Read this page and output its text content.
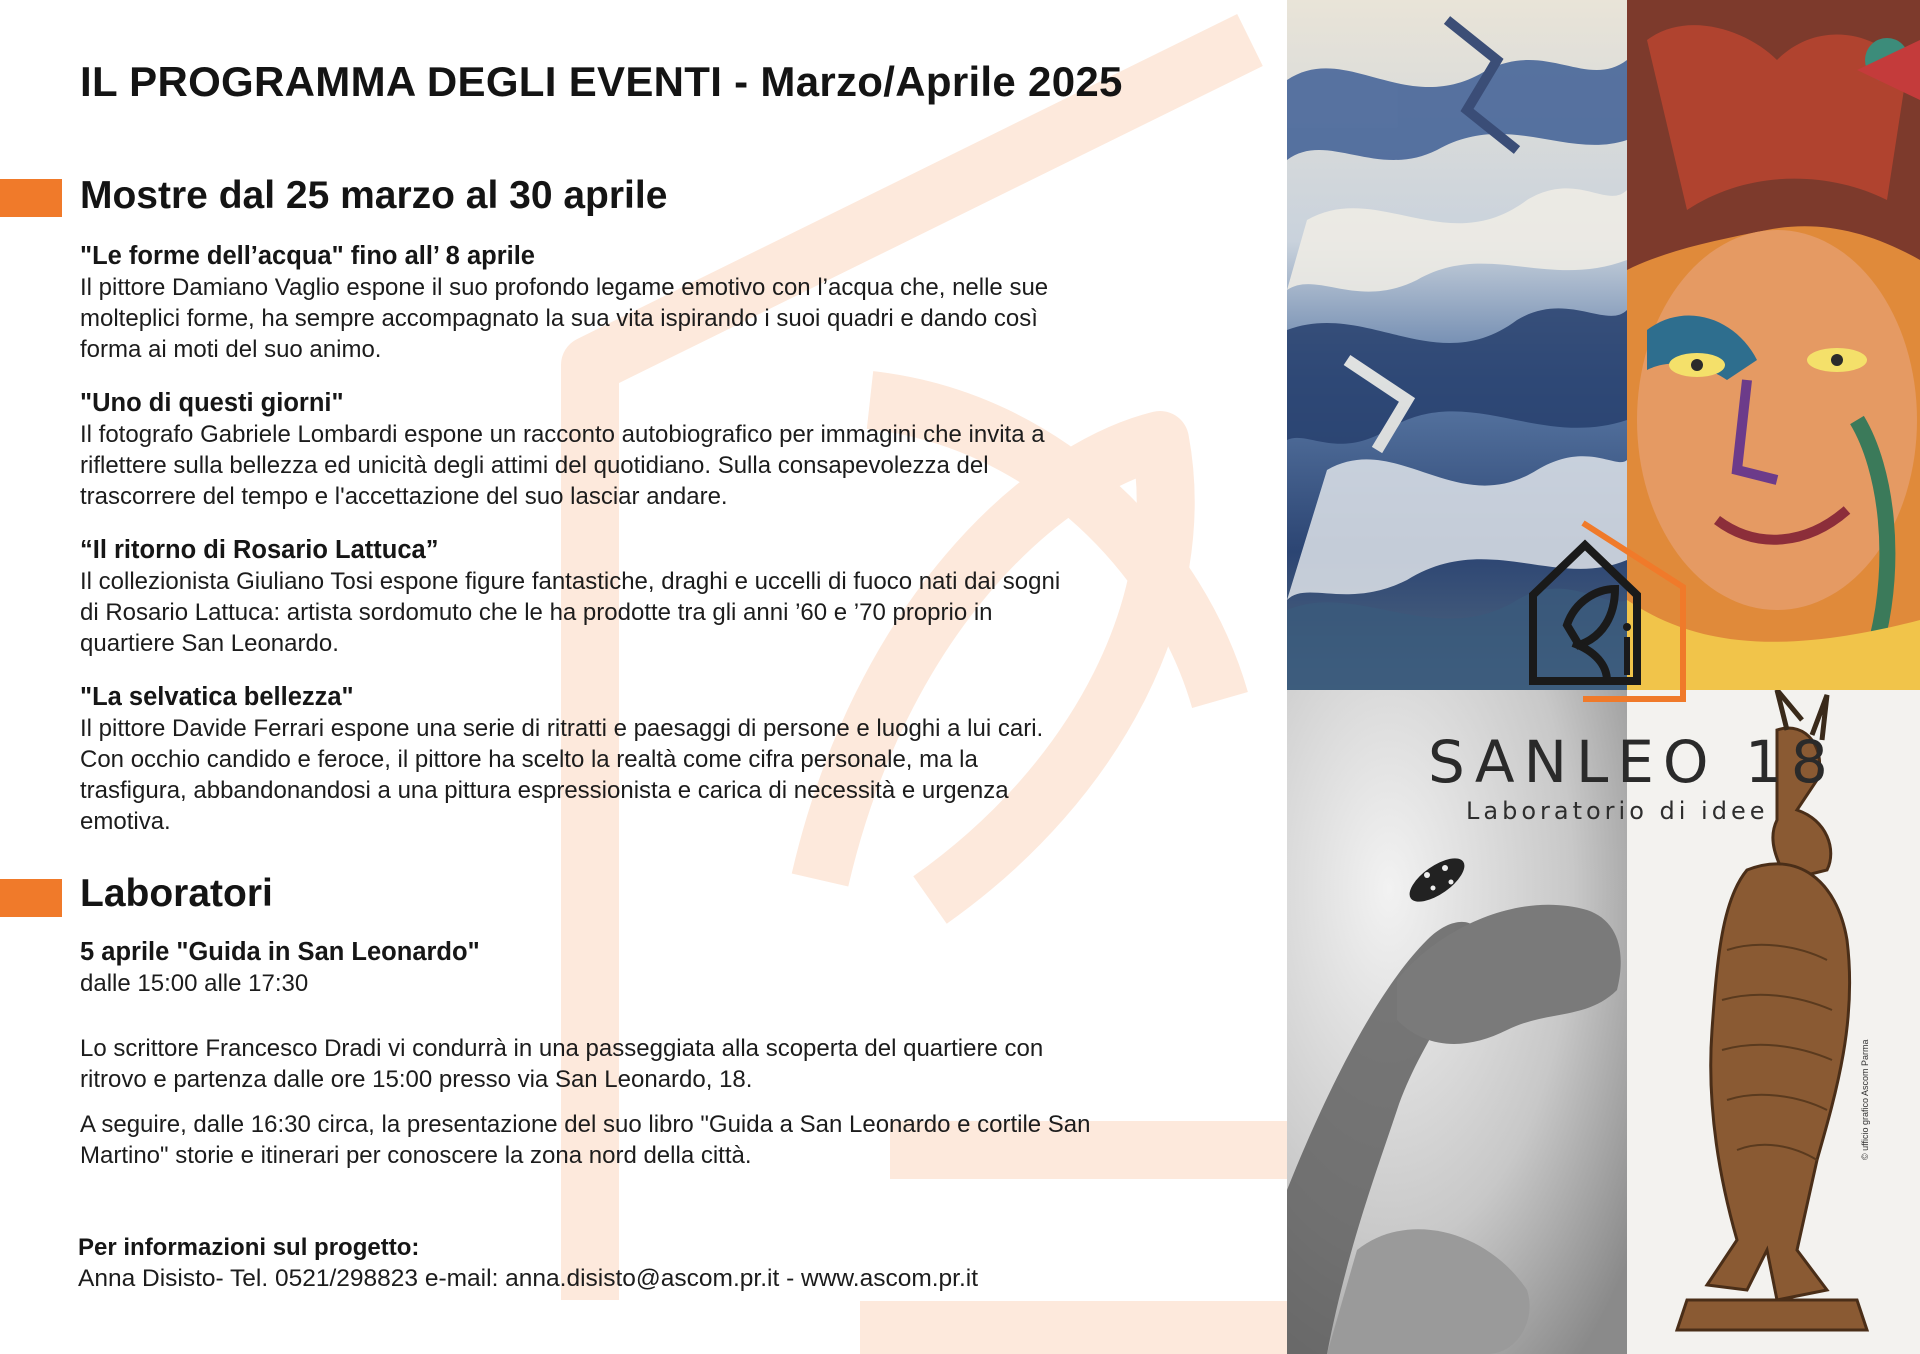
IL PROGRAMMA DEGLI EVENTI - Marzo/Aprile 2025
Mostre dal 25 marzo al 30 aprile
"Le forme dell’acqua" fino all’ 8 aprile
Il pittore Damiano Vaglio espone il suo profondo legame emotivo con l’acqua che, nelle sue
molteplici forme, ha sempre accompagnato la sua vita ispirando i suoi quadri e dando così
forma ai moti del suo animo.
"Uno di questi giorni"
Il fotografo Gabriele Lombardi espone un racconto autobiografico per immagini che invita a
riflettere sulla bellezza ed unicità degli attimi del quotidiano. Sulla consapevolezza del
trascorrere del tempo e l'accettazione del suo lasciar andare.
“Il ritorno di Rosario Lattuca”
Il collezionista Giuliano Tosi espone figure fantastiche, draghi e uccelli di fuoco nati dai sogni
di Rosario Lattuca: artista sordomuto che le ha prodotte tra gli anni ’60 e ’70 proprio in
quartiere San Leonardo.
"La selvatica bellezza"
Il pittore Davide Ferrari espone una serie di ritratti e paesaggi di persone e luoghi a lui cari.
Con occhio candido e feroce, il pittore ha scelto la realtà come cifra personale, ma la
trasfigura, abbandonandosi a una pittura espressionista e carica di necessità e urgenza
emotiva.
Laboratori
5 aprile "Guida in San Leonardo"
dalle 15:00 alle 17:30
Lo scrittore Francesco Dradi vi condurrà in una passeggiata alla scoperta del quartiere con
ritrovo e partenza dalle ore 15:00 presso via San Leonardo, 18.
A seguire, dalle 16:30 circa, la presentazione del suo libro "Guida a San Leonardo e cortile San
Martino" storie e itinerari per conoscere la zona nord della città.
Per informazioni sul progetto:
Anna Disisto- Tel. 0521/298823 e-mail: anna.disisto@ascom.pr.it - www.ascom.pr.it
SANLEO 18
Laboratorio di idee
© ufficio grafico Ascom Parma
